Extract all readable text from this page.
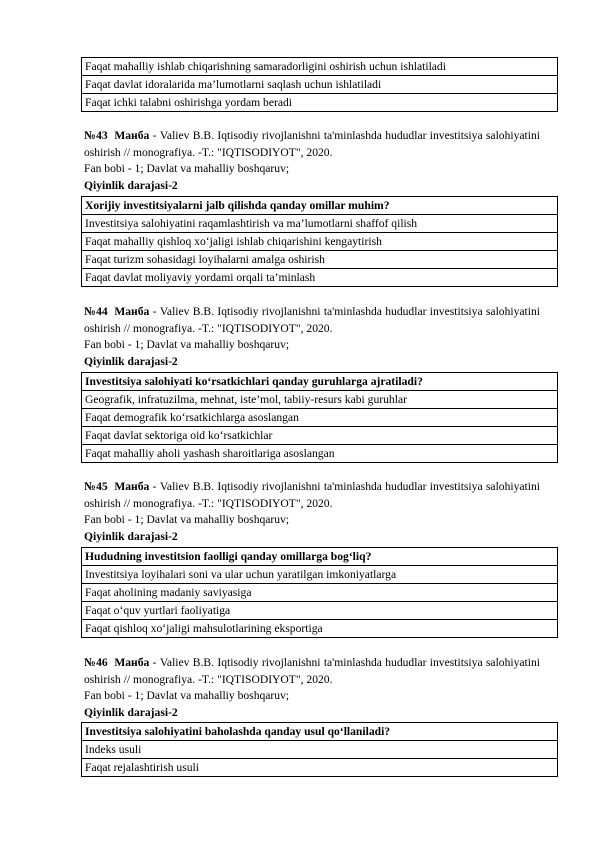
Faqat mahalliy ishlab chiqarishning samaradorligini oshirish uchun ishlatiladi
Faqat davlat idoralarida ma’lumotlarni saqlash uchun ishlatiladi
Faqat ichki talabni oshirishga yordam beradi
№43 Манба - Valiev B.B. Iqtisodiy rivojlanishni ta'minlashda hududlar investitsiya salohiyatini oshirish // monografiya. -T.: "IQTISODIYOT", 2020.
Fan bobi - 1; Davlat va mahalliy boshqaruv;
Qiyinlik darajasi-2
Xorijiy investitsiyalarni jalb qilishda qanday omillar muhim?
Investitsiya salohiyatini raqamlashtirish va ma’lumotlarni shaffof qilish
Faqat mahalliy qishloq xo‘jaligi ishlab chiqarishini kengaytirish
Faqat turizm sohasidagi loyihalarni amalga oshirish
Faqat davlat moliyaviy yordami orqali ta’minlash
№44 Манба - Valiev B.B. Iqtisodiy rivojlanishni ta'minlashda hududlar investitsiya salohiyatini oshirish // monografiya. -T.: "IQTISODIYOT", 2020.
Fan bobi - 1; Davlat va mahalliy boshqaruv;
Qiyinlik darajasi-2
Investitsiya salohiyati ko‘rsatkichlari qanday guruhlarga ajratiladi?
Geografik, infratuzilma, mehnat, iste’mol, tabiiy-resurs kabi guruhlar
Faqat demografik ko‘rsatkichlarga asoslangan
Faqat davlat sektoriga oid ko‘rsatkichlar
Faqat mahalliy aholi yashash sharoitlariga asoslangan
№45 Манба - Valiev B.B. Iqtisodiy rivojlanishni ta'minlashda hududlar investitsiya salohiyatini oshirish // monografiya. -T.: "IQTISODIYOT", 2020.
Fan bobi - 1; Davlat va mahalliy boshqaruv;
Qiyinlik darajasi-2
Hududning investitsion faolligi qanday omillarga bog‘liq?
Investitsiya loyihalari soni va ular uchun yaratilgan imkoniyatlarga
Faqat aholining madaniy saviyasiga
Faqat o‘quv yurtlari faoliyatiga
Faqat qishloq xo‘jaligi mahsulotlarining eksportiga
№46 Манба - Valiev B.B. Iqtisodiy rivojlanishni ta'minlashda hududlar investitsiya salohiyatini oshirish // monografiya. -T.: "IQTISODIYOT", 2020.
Fan bobi - 1; Davlat va mahalliy boshqaruv;
Qiyinlik darajasi-2
Investitsiya salohiyatini baholashda qanday usul qo‘llaniladi?
Indeks usuli
Faqat rejalashtirish usuli
